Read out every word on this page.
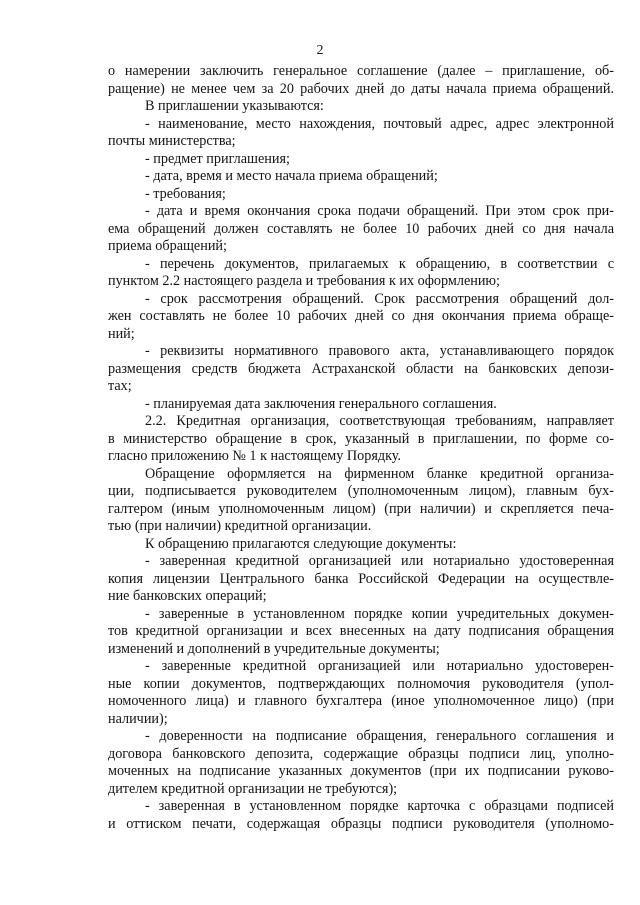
2
о намерении заключить генеральное соглашение (далее – приглашение, об-
ращение) не менее чем за 20 рабочих дней до даты начала приема обращений.
В приглашении указываются:
- наименование, место нахождения, почтовый адрес, адрес электронной
почты министерства;
- предмет приглашения;
- дата, время и место начала приема обращений;
- требования;
- дата и время окончания срока подачи обращений. При этом срок при-
ема обращений должен составлять не более 10 рабочих дней со дня начала
приема обращений;
- перечень документов, прилагаемых к обращению, в соответствии с
пунктом 2.2 настоящего раздела и требования к их оформлению;
- срок рассмотрения обращений. Срок рассмотрения обращений дол-
жен составлять не более 10 рабочих дней со дня окончания приема обраще-
ний;
- реквизиты нормативного правового акта, устанавливающего порядок
размещения средств бюджета Астраханской области на банковских депози-
тах;
- планируемая дата заключения генерального соглашения.
2.2. Кредитная организация, соответствующая требованиям, направляет
в министерство обращение в срок, указанный в приглашении, по форме со-
гласно приложению № 1 к настоящему Порядку.
Обращение оформляется на фирменном бланке кредитной организа-
ции, подписывается руководителем (уполномоченным лицом), главным бух-
галтером (иным уполномоченным лицом) (при наличии) и скрепляется печа-
тью (при наличии) кредитной организации.
К обращению прилагаются следующие документы:
- заверенная кредитной организацией или нотариально удостоверенная
копия лицензии Центрального банка Российской Федерации на осуществле-
ние банковских операций;
- заверенные в установленном порядке копии учредительных докумен-
тов кредитной организации и всех внесенных на дату подписания обращения
изменений и дополнений в учредительные документы;
- заверенные кредитной организацией или нотариально удостоверен-
ные копии документов, подтверждающих полномочия руководителя (упол-
номоченного лица) и главного бухгалтера (иное уполномоченное лицо) (при
наличии);
- доверенности на подписание обращения, генерального соглашения и
договора банковского депозита, содержащие образцы подписи лиц, уполно-
моченных на подписание указанных документов (при их подписании руково-
дителем кредитной организации не требуются);
- заверенная в установленном порядке карточка с образцами подписей
и оттиском печати, содержащая образцы подписи руководителя (уполномо-
